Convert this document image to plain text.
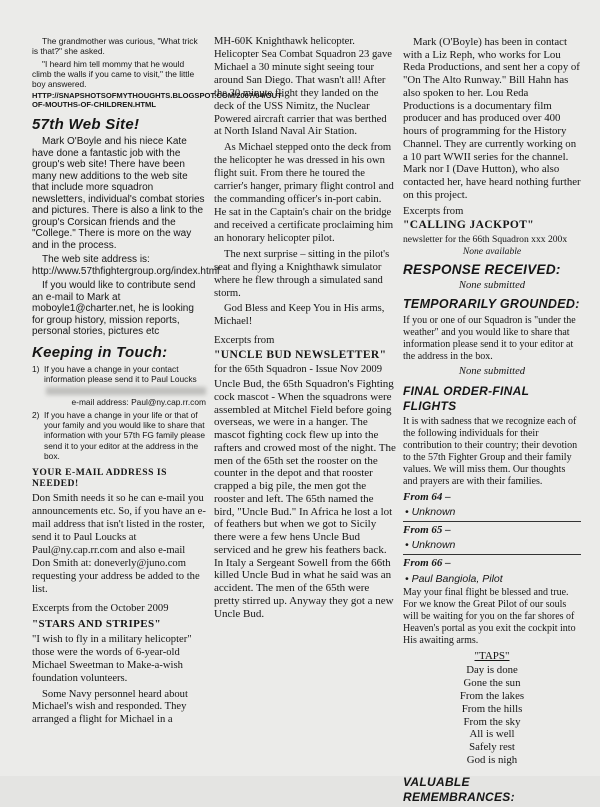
The grandmother was curious, "What trick is that?" she asked.

"I heard him tell mommy that he would climb the walls if you came to visit," the little boy answered.

HTTP://SNAPSHOTSOFMYTHOUGHTS.BLOGSPOT.COM/2007/04/OUT-OF-MOUTHS-OF-CHILDREN.HTML

57th Web Site!

Mark O'Boyle and his niece Kate have done a fantastic job with the group's web site! There have been many new additions to the web site that include more squadron newsletters, individual's combat stories and pictures. There is also a link to the group's Corsican friends and the "College." There is more on the way and in the process.

The web site address is: http://www.57thfightergroup.org/index.html

If you would like to contribute send an e-mail to Mark at moboyle1@charter.net, he is looking for group history, mission reports, personal stories, pictures etc

Keeping in Touch:
1) If you have a change in your contact information please send it to Paul Loucks

e-mail address: Paul@ny.cap.rr.com

2) If you have a change in your life or that of your family and you would like to share that information with your 57th FG family please send it to your editor at the address in the box.

YOUR E-MAIL ADDRESS IS NEEDED!

Don Smith needs it so he can e-mail you announcements etc. So, if you have an e-mail address that isn't listed in the roster, send it to Paul Loucks at Paul@ny.cap.rr.com and also e-mail Don Smith at: doneverly@juno.com requesting your address be added to the list.

Excerpts from the October 2009

"STARS AND STRIPES"

"I wish to fly in a military helicopter" those were the words of 6-year-old Michael Sweetman to Make-a-wish foundation volunteers.

Some Navy personnel heard about Michael's wish and responded. They arranged a flight for Michael in a

MH-60K Knighthawk helicopter. Helicopter Sea Combat Squadron 23 gave Michael a 30 minute sight seeing tour around San Diego. That wasn't all! After the 30 minute flight they landed on the deck of the USS Nimitz, the Nuclear Powered aircraft carrier that was berthed at North Island Naval Air Station.

As Michael stepped onto the deck from the helicopter he was dressed in his own flight suit. From there he toured the carrier's hanger, primary flight control and the commanding officer's in-port cabin. He sat in the Captain's chair on the bridge and received a certificate proclaiming him an honorary helicopter pilot.

The next surprise – sitting in the pilot's seat and flying a Knighthawk simulator where he flew through a simulated sand storm.

God Bless and Keep You in His arms, Michael!

Excerpts from

"UNCLE BUD NEWSLETTER"

for the 65th Squadron - Issue Nov 2009

Uncle Bud, the 65th Squadron's Fighting cock mascot - When the squadrons were assembled at Mitchel Field before going overseas, we were in a hanger. The mascot fighting cock flew up into the rafters and crowed most of the night. The men of the 65th set the rooster on the counter in the depot and that rooster crapped a big pile, the men got the rooster and left. The 65th named the bird, "Uncle Bud." In Africa he lost a lot of feathers but when we got to Sicily there were a few hens Uncle Bud serviced and he grew his feathers back. In Italy a Sergeant Sowell from the 66th killed Uncle Bud in what he said was an accident. The men of the 65th were pretty stirred up. Anyway they got a new Uncle Bud.

Mark (O'Boyle) has been in contact with a Liz Reph, who works for Lou Reda Productions, and sent her a copy of "On The Alto Runway." Bill Hahn has also spoken to her. Lou Reda Productions is a documentary film producer and has produced over 400 hours of programming for the History Channel. They are currently working on a 10 part WWII series for the channel. Mark nor I (Dave Hutton), who also contacted her, have heard nothing further on this project.

Excerpts from

"CALLING JACKPOT"

newsletter for the 66th Squadron xxx 200x

None available

RESPONSE RECEIVED:

None submitted

TEMPORARILY GROUNDED:

If you or one of our Squadron is "under the weather" and you would like to share that information please send it to your editor at the address in the box.

None submitted

FINAL ORDER-FINAL FLIGHTS

It is with sadness that we recognize each of the following individuals for their contribution to their country; their devotion to the 57th Fighter Group and their family values. We will miss them. Our thoughts and prayers are with their families.

From 64 –
• Unknown
From 65 –
• Unknown
From 66 –
• Paul Bangiola, Pilot

May your final flight be blessed and true. For we know the Great Pilot of our souls will be waiting for you on the far shores of Heaven's portal as you exit the cockpit into His awaiting arms.

"TAPS"
Day is done
Gone the sun
From the lakes
From the hills
From the sky
All is well
Safely rest
God is nigh
VALUABLE REMEMBRANCES:
